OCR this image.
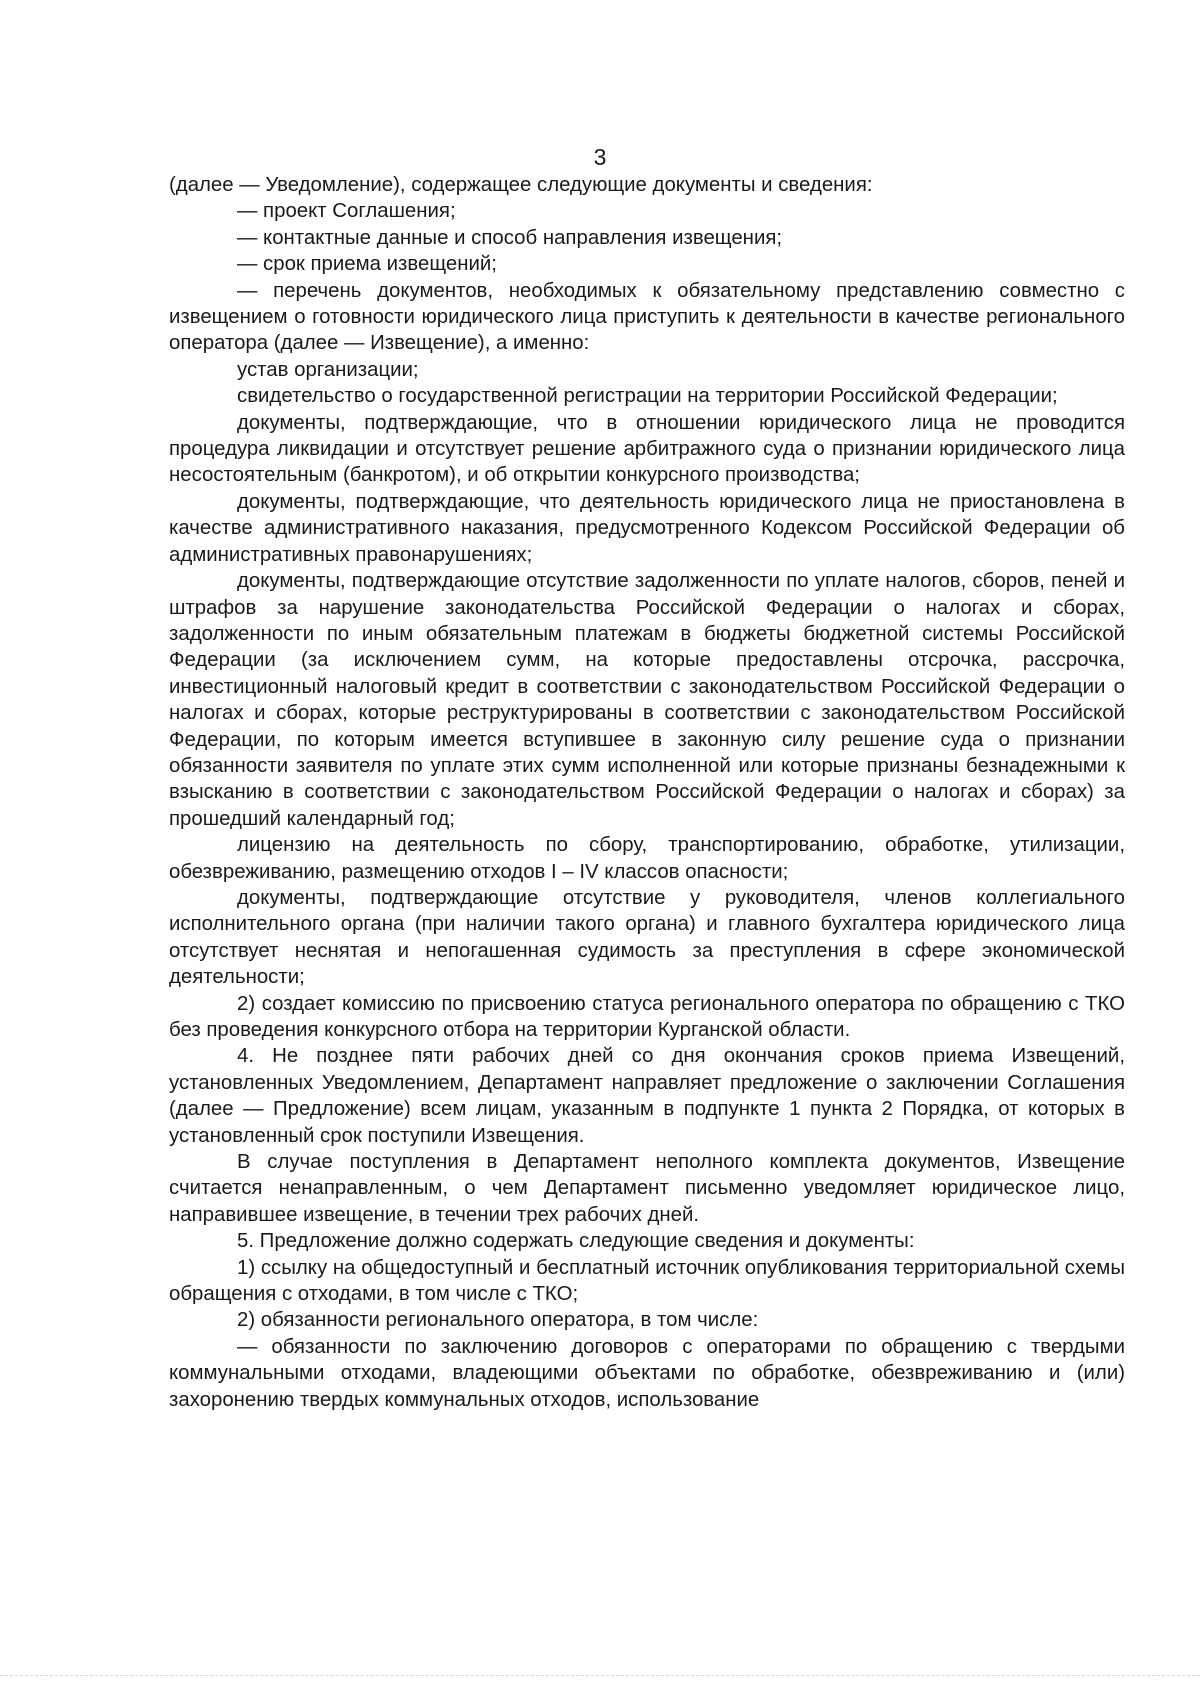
3

(далее — Уведомление), содержащее следующие документы и сведения:

— проект Соглашения;

— контактные данные и способ направления извещения;

— срок приема извещений;

— перечень документов, необходимых к обязательному представлению совместно с извещением о готовности юридического лица приступить к деятельности в качестве регионального оператора (далее — Извещение), а именно:

устав организации;

свидетельство о государственной регистрации на территории Российской Федерации;

документы, подтверждающие, что в отношении юридического лица не проводится процедура ликвидации и отсутствует решение арбитражного суда о признании юридического лица несостоятельным (банкротом), и об открытии конкурсного производства;

документы, подтверждающие, что деятельность юридического лица не приостановлена в качестве административного наказания, предусмотренного Кодексом Российской Федерации об административных правонарушениях;

документы, подтверждающие отсутствие задолженности по уплате налогов, сборов, пеней и штрафов за нарушение законодательства Российской Федерации о налогах и сборах, задолженности по иным обязательным платежам в бюджеты бюджетной системы Российской Федерации (за исключением сумм, на которые предоставлены отсрочка, рассрочка, инвестиционный налоговый кредит в соответствии с законодательством Российской Федерации о налогах и сборах, которые реструктурированы в соответствии с законодательством Российской Федерации, по которым имеется вступившее в законную силу решение суда о признании обязанности заявителя по уплате этих сумм исполненной или которые признаны безнадежными к взысканию в соответствии с законодательством Российской Федерации о налогах и сборах) за прошедший календарный год;

лицензию на деятельность по сбору, транспортированию, обработке, утилизации, обезвреживанию, размещению отходов I – IV классов опасности;

документы, подтверждающие отсутствие у руководителя, членов коллегиального исполнительного органа (при наличии такого органа) и главного бухгалтера юридического лица отсутствует неснятая и непогашенная судимость за преступления в сфере экономической деятельности;

2) создает комиссию по присвоению статуса регионального оператора по обращению с ТКО без проведения конкурсного отбора на территории Курганской области.

4. Не позднее пяти рабочих дней со дня окончания сроков приема Извещений, установленных Уведомлением, Департамент направляет предложение о заключении Соглашения (далее — Предложение) всем лицам, указанным в подпункте 1 пункта 2 Порядка, от которых в установленный срок поступили Извещения.

В случае поступления в Департамент неполного комплекта документов, Извещение считается ненаправленным, о чем Департамент письменно уведомляет юридическое лицо, направившее извещение, в течении трех рабочих дней.

5. Предложение должно содержать следующие сведения и документы:

1) ссылку на общедоступный и бесплатный источник опубликования территориальной схемы обращения с отходами, в том числе с ТКО;

2) обязанности регионального оператора, в том числе:

— обязанности по заключению договоров с операторами по обращению с твердыми коммунальными отходами, владеющими объектами по обработке, обезвреживанию и (или) захоронению твердых коммунальных отходов, использование
